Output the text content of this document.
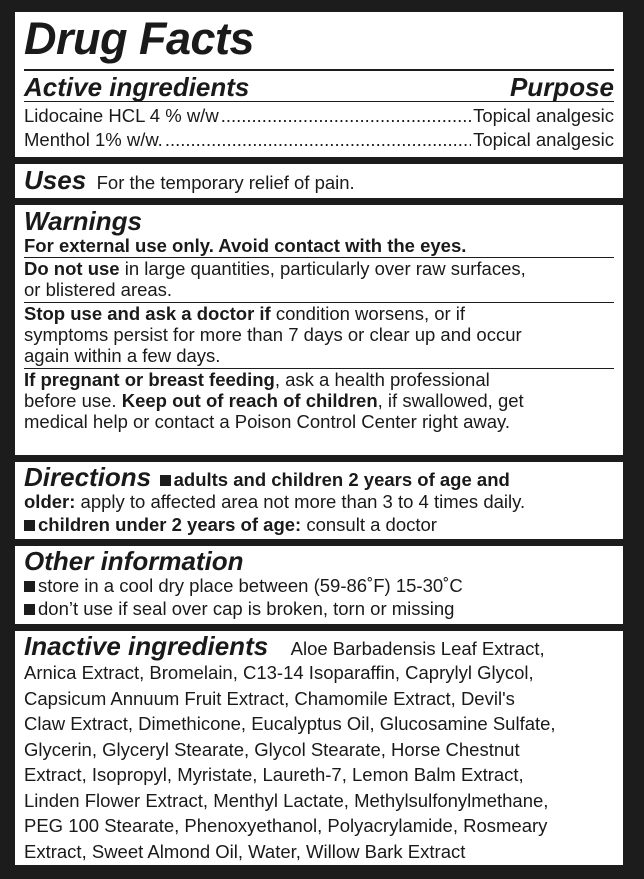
Drug Facts
Active ingredients	Purpose
Lidocaine HCL 4 % w/w .....	Topical analgesic
Menthol 1% w/w. .....	Topical analgesic
Uses For the temporary relief of pain.
Warnings
For external use only. Avoid contact with the eyes.
Do not use in large quantities, particularly over raw surfaces,
or blistered areas.
Stop use and ask a doctor if condition worsens, or if
symptoms persist for more than 7 days or clear up and occur
again within a few days.
If pregnant or breast feeding, ask a health professional
before use. Keep out of reach of children, if swallowed, get
medical help or contact a Poison Control Center right away.
Directions adults and children 2 years of age and
older: apply to affected area not more than 3 to 4 times daily.
children under 2 years of age: consult a doctor
Other information
store in a cool dry place between (59-86˚F) 15-30˚C
don’t use if seal over cap is broken, torn or missing
Inactive ingredients Aloe Barbadensis Leaf Extract,
Arnica Extract, Bromelain, C13-14 Isoparaffin, Caprylyl Glycol,
Capsicum Annuum Fruit Extract, Chamomile Extract, Devil's
Claw Extract, Dimethicone, Eucalyptus Oil, Glucosamine Sulfate,
Glycerin, Glyceryl Stearate, Glycol Stearate, Horse Chestnut
Extract, Isopropyl, Myristate, Laureth-7, Lemon Balm Extract,
Linden Flower Extract, Menthyl Lactate, Methylsulfonylmethane,
PEG 100 Stearate, Phenoxyethanol, Polyacrylamide, Rosmeary
Extract, Sweet Almond Oil, Water, Willow Bark Extract
